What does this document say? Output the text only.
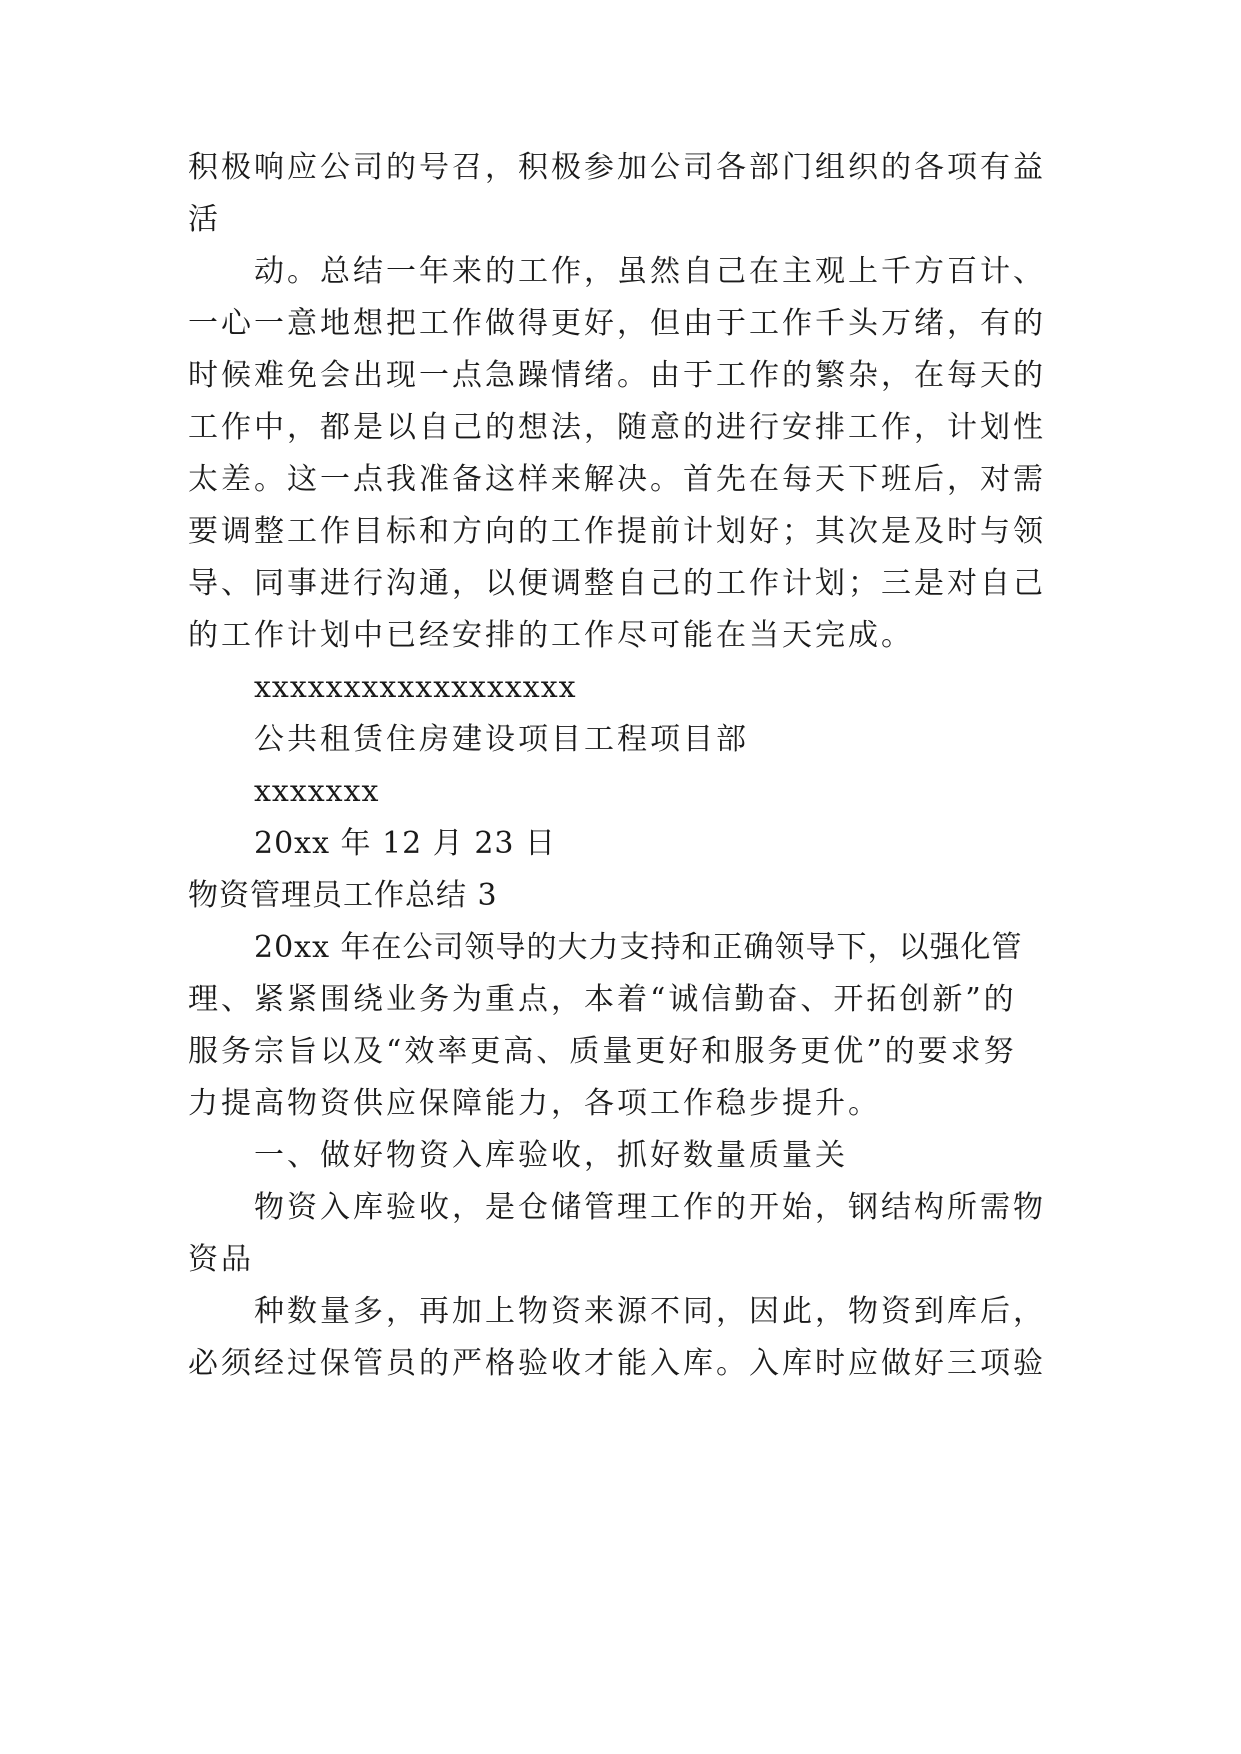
积极响应公司的号召，积极参加公司各部门组织的各项有益
活
动。总结一年来的工作，虽然自己在主观上千方百计、
一心一意地想把工作做得更好，但由于工作千头万绪，有的
时候难免会出现一点急躁情绪。由于工作的繁杂，在每天的
工作中，都是以自己的想法，随意的进行安排工作，计划性
太差。这一点我准备这样来解决。首先在每天下班后，对需
要调整工作目标和方向的工作提前计划好；其次是及时与领
导、同事进行沟通，以便调整自己的工作计划；三是对自己
的工作计划中已经安排的工作尽可能在当天完成。
xxxxxxxxxxxxxxxxxx
公共租赁住房建设项目工程项目部
xxxxxxx
20xx 年 12 月 23 日
物资管理员工作总结 3
20xx 年在公司领导的大力支持和正确领导下，以强化管
理、紧紧围绕业务为重点，本着“诚信勤奋、开拓创新”的
服务宗旨以及“效率更高、质量更好和服务更优”的要求努
力提高物资供应保障能力，各项工作稳步提升。
一、做好物资入库验收，抓好数量质量关
物资入库验收，是仓储管理工作的开始，钢结构所需物
资品
种数量多，再加上物资来源不同，因此，物资到库后，
必须经过保管员的严格验收才能入库。入库时应做好三项验
